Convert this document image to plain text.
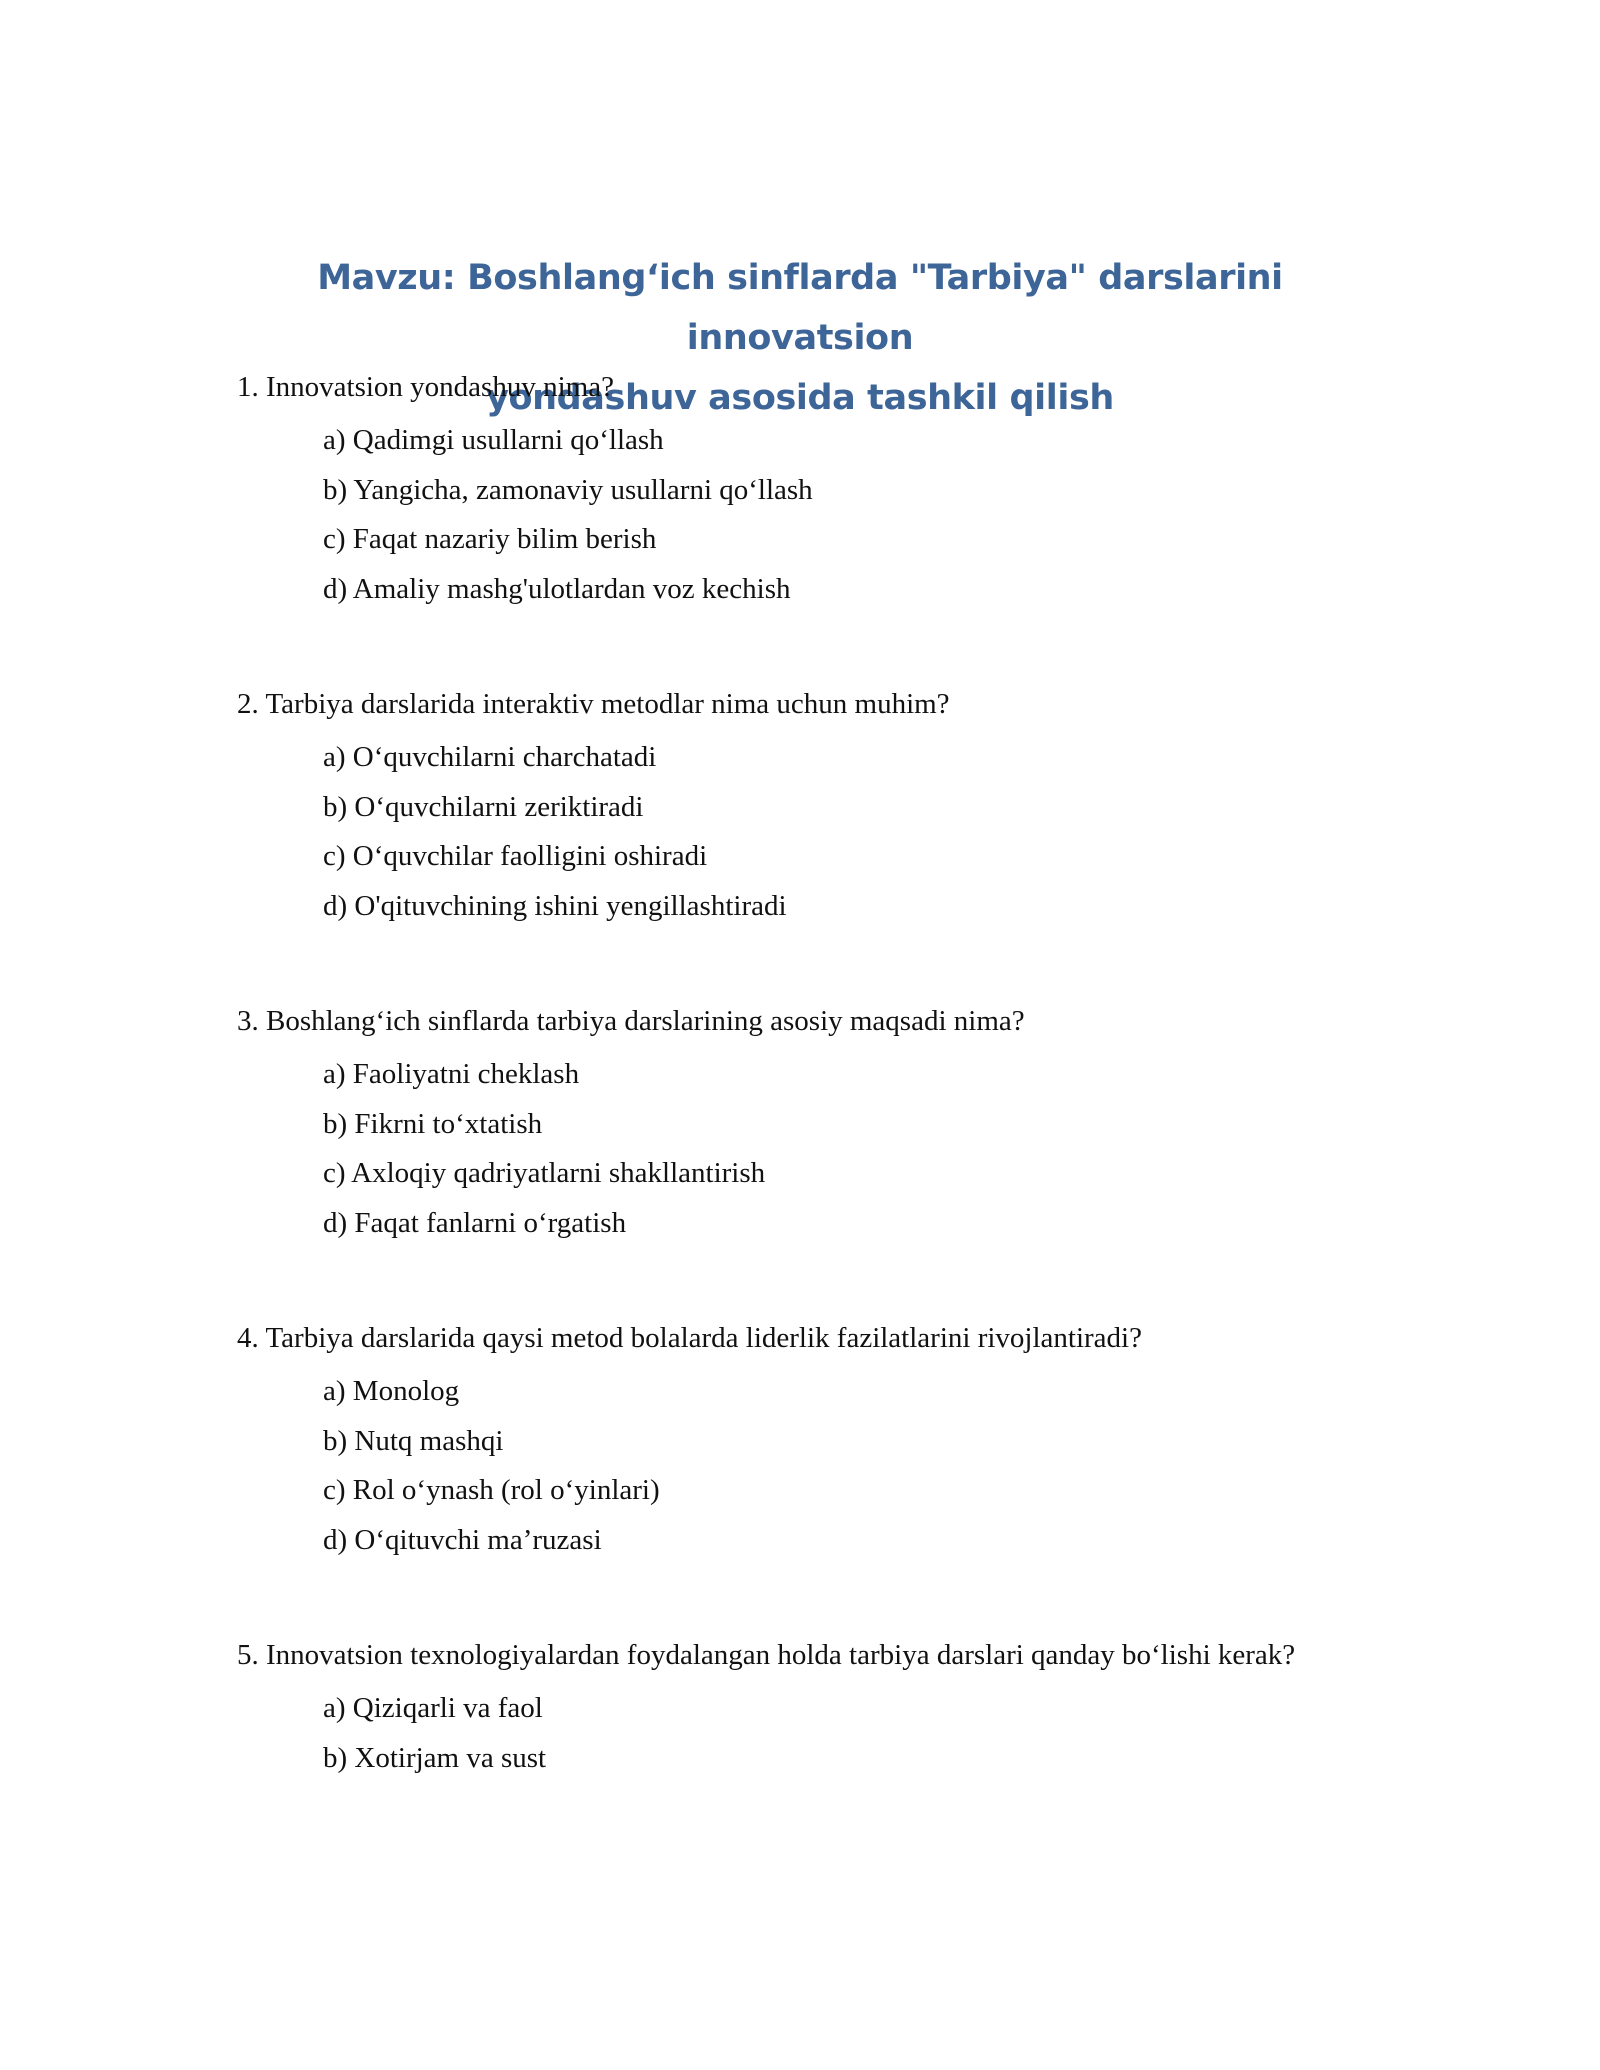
Mavzu: Boshlang‘ich sinflarda "Tarbiya" darslarini innovatsion
yondashuv asosida tashkil qilish

1. Innovatsion yondashuv nima?

a) Qadimgi usullarni qo‘llash
b) Yangicha, zamonaviy usullarni qo‘llash
c) Faqat nazariy bilim berish
d) Amaliy mashg'ulotlardan voz kechish

2. Tarbiya darslarida interaktiv metodlar nima uchun muhim?

a) O‘quvchilarni charchatadi
b) O‘quvchilarni zeriktiradi
c) O‘quvchilar faolligini oshiradi
d) O'qituvchining ishini yengillashtiradi

3. Boshlang‘ich sinflarda tarbiya darslarining asosiy maqsadi nima?

a) Faoliyatni cheklash
b) Fikrni to‘xtatish
c) Axloqiy qadriyatlarni shakllantirish
d) Faqat fanlarni o‘rgatish

4. Tarbiya darslarida qaysi metod bolalarda liderlik fazilatlarini rivojlantiradi?

a) Monolog
b) Nutq mashqi
c) Rol o‘ynash (rol o‘yinlari)
d) O‘qituvchi ma’ruzasi

5. Innovatsion texnologiyalardan foydalangan holda tarbiya darslari qanday bo‘lishi kerak?

a) Qiziqarli va faol
b) Xotirjam va sust
